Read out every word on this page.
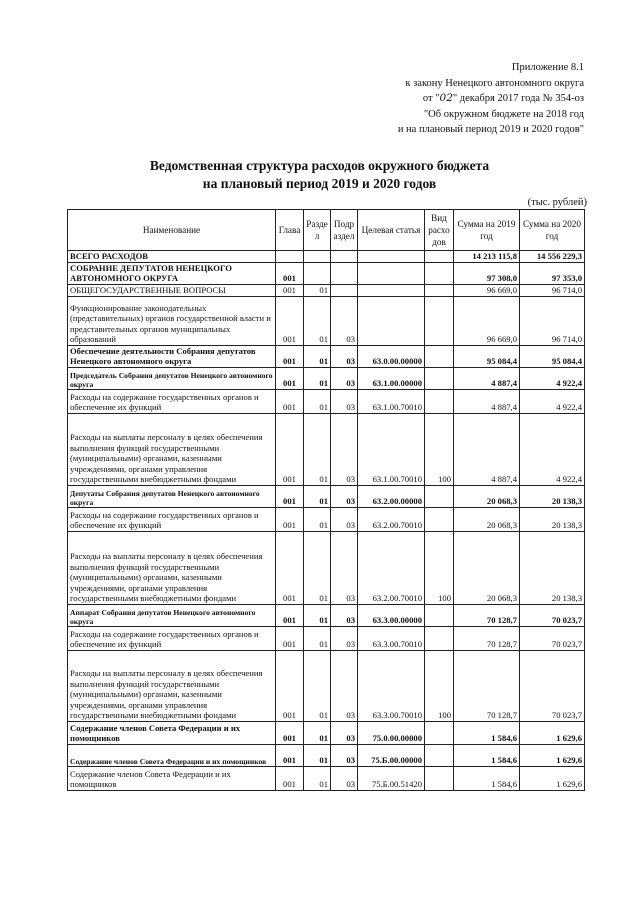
Приложение 8.1
к закону Ненецкого автономного округа
от "02" декабря 2017 года № 354-оз
"Об окружном бюджете на 2018 год
и на плановый период 2019 и 2020 годов"
Ведомственная структура расходов окружного бюджета
на плановый период 2019 и 2020 годов
(тыс. рублей)
Наименование	Глава	Разде л	Подр аздел	Целевая статья	Вид расхо дов	Сумма на 2019 год	Сумма на 2020 год
ВСЕГО РАСХОДОВ						14 213 115,8	14 556 229,3
СОБРАНИЕ ДЕПУТАТОВ НЕНЕЦКОГО АВТОНОМНОГО ОКРУГА	001					97 308,0	97 353,0
ОБЩЕГОСУДАРСТВЕННЫЕ ВОПРОСЫ	001	01				96 669,0	96 714,0
Функционирование законодательных (представительных) органов государственной власти и представительных органов муниципальных образований	001	01	03			96 669,0	96 714,0
Обеспечение деятельности Собрания депутатов Ненецкого автономного округа	001	01	03	63.0.00.00000		95 084,4	95 084,4
Председатель Собрания депутатов Ненецкого автономного округа	001	01	03	63.1.00.00000		4 887,4	4 922,4
Расходы на содержание государственных органов и обеспечение их функций	001	01	03	63.1.00.70010		4 887,4	4 922,4
Расходы на выплаты персоналу в целях обеспечения выполнения функций государственными (муниципальными) органами, казенными учреждениями, органами управления государственными внебюджетными фондами	001	01	03	63.1.00.70010	100	4 887,4	4 922,4
Депутаты Собрания депутатов Ненецкого автономного округа	001	01	03	63.2.00.00000		20 068,3	20 138,3
Расходы на содержание государственных органов и обеспечение их функций	001	01	03	63.2.00.70010		20 068,3	20 138,3
Расходы на выплаты персоналу в целях обеспечения выполнения функций государственными (муниципальными) органами, казенными учреждениями, органами управления государственными внебюджетными фондами	001	01	03	63.2.00.70010	100	20 068,3	20 138,3
Аппарат Собрания депутатов Ненецкого автономного округа	001	01	03	63.3.00.00000		70 128,7	70 023,7
Расходы на содержание государственных органов и обеспечение их функций	001	01	03	63.3.00.70010		70 128,7	70 023,7
Расходы на выплаты персоналу в целях обеспечения выполнения функций государственными (муниципальными) органами, казенными учреждениями, органами управления государственными внебюджетными фондами	001	01	03	63.3.00.70010	100	70 128,7	70 023,7
Содержание членов Совета Федерации и их помощников	001	01	03	75.0.00.00000		1 584,6	1 629,6
Содержание членов Совета Федерации и их помощников	001	01	03	75.Б.00.00000		1 584,6	1 629,6
Содержание членов Совета Федерации и их помощников	001	01	03	75.Б.00.51420		1 584,6	1 629,6
